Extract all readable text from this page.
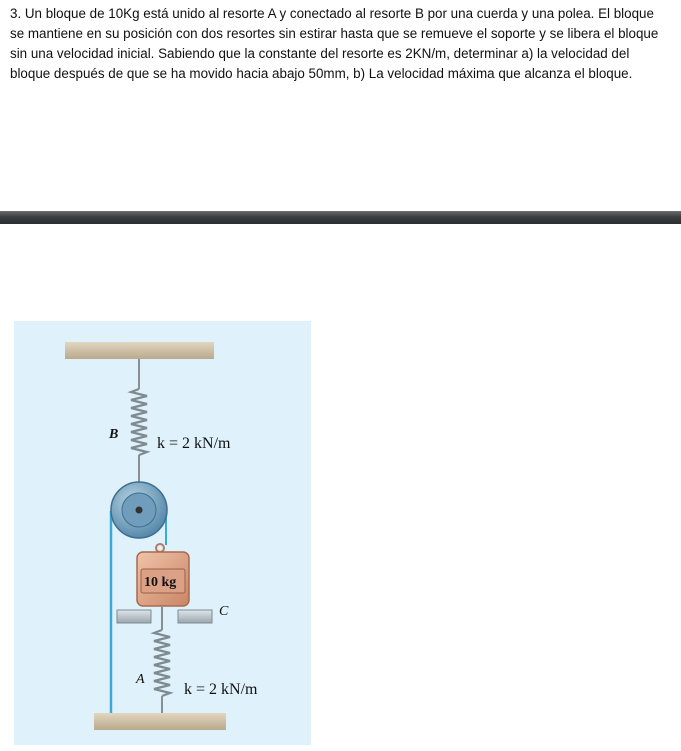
3. Un bloque de 10Kg está unido al resorte A y conectado al resorte B por una cuerda y una polea. El bloque se mantiene en su posición con dos resortes sin estirar hasta que se remueve el soporte y se libera el bloque sin una velocidad inicial. Sabiendo que la constante del resorte es 2KN/m, determinar a) la velocidad del bloque después de que se ha movido hacia abajo 50mm, b) La velocidad máxima que alcanza el bloque.

B
k = 2 kN/m
10 kg
C
A
k = 2 kN/m
